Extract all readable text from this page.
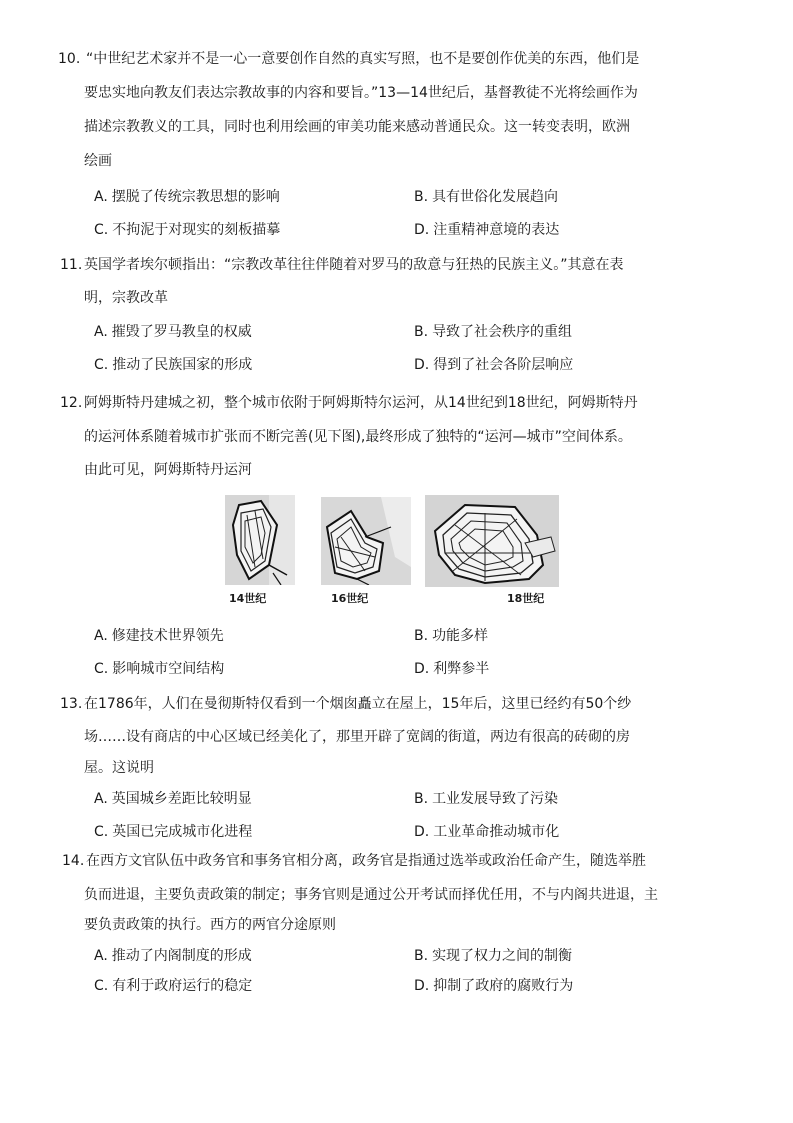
10. “中世纪艺术家并不是一心一意要创作自然的真实写照，也不是要创作优美的东西，他们是
要忠实地向教友们表达宗教故事的内容和要旨。”13—14世纪后，基督教徒不光将绘画作为
描述宗教教义的工具，同时也利用绘画的审美功能来感动普通民众。这一转变表明，欧洲
绘画
A. 摆脱了传统宗教思想的影响	B. 具有世俗化发展趋向
C. 不拘泥于对现实的刻板描摹	D. 注重精神意境的表达
11. 英国学者埃尔顿指出：“宗教改革往往伴随着对罗马的敌意与狂热的民族主义。”其意在表
明，宗教改革
A. 摧毁了罗马教皇的权威	B. 导致了社会秩序的重组
C. 推动了民族国家的形成	D. 得到了社会各阶层响应
12. 阿姆斯特丹建城之初，整个城市依附于阿姆斯特尔运河，从14世纪到18世纪，阿姆斯特丹
的运河体系随着城市扩张而不断完善(见下图),最终形成了独特的“运河—城市”空间体系。
由此可见，阿姆斯特丹运河
14世纪	16世纪	18世纪
A. 修建技术世界领先	B. 功能多样
C. 影响城市空间结构	D. 利弊参半
13. 在1786年，人们在曼彻斯特仅看到一个烟囱矗立在屋上，15年后，这里已经约有50个纱
场……设有商店的中心区域已经美化了，那里开辟了宽阔的街道，两边有很高的砖砌的房
屋。这说明
A. 英国城乡差距比较明显	B. 工业发展导致了污染
C. 英国已完成城市化进程	D. 工业革命推动城市化
14. 在西方文官队伍中政务官和事务官相分离，政务官是指通过选举或政治任命产生，随选举胜
负而进退，主要负责政策的制定；事务官则是通过公开考试而择优任用，不与内阁共进退，主
要负责政策的执行。西方的两官分途原则
A. 推动了内阁制度的形成	B. 实现了权力之间的制衡
C. 有利于政府运行的稳定	D. 抑制了政府的腐败行为
